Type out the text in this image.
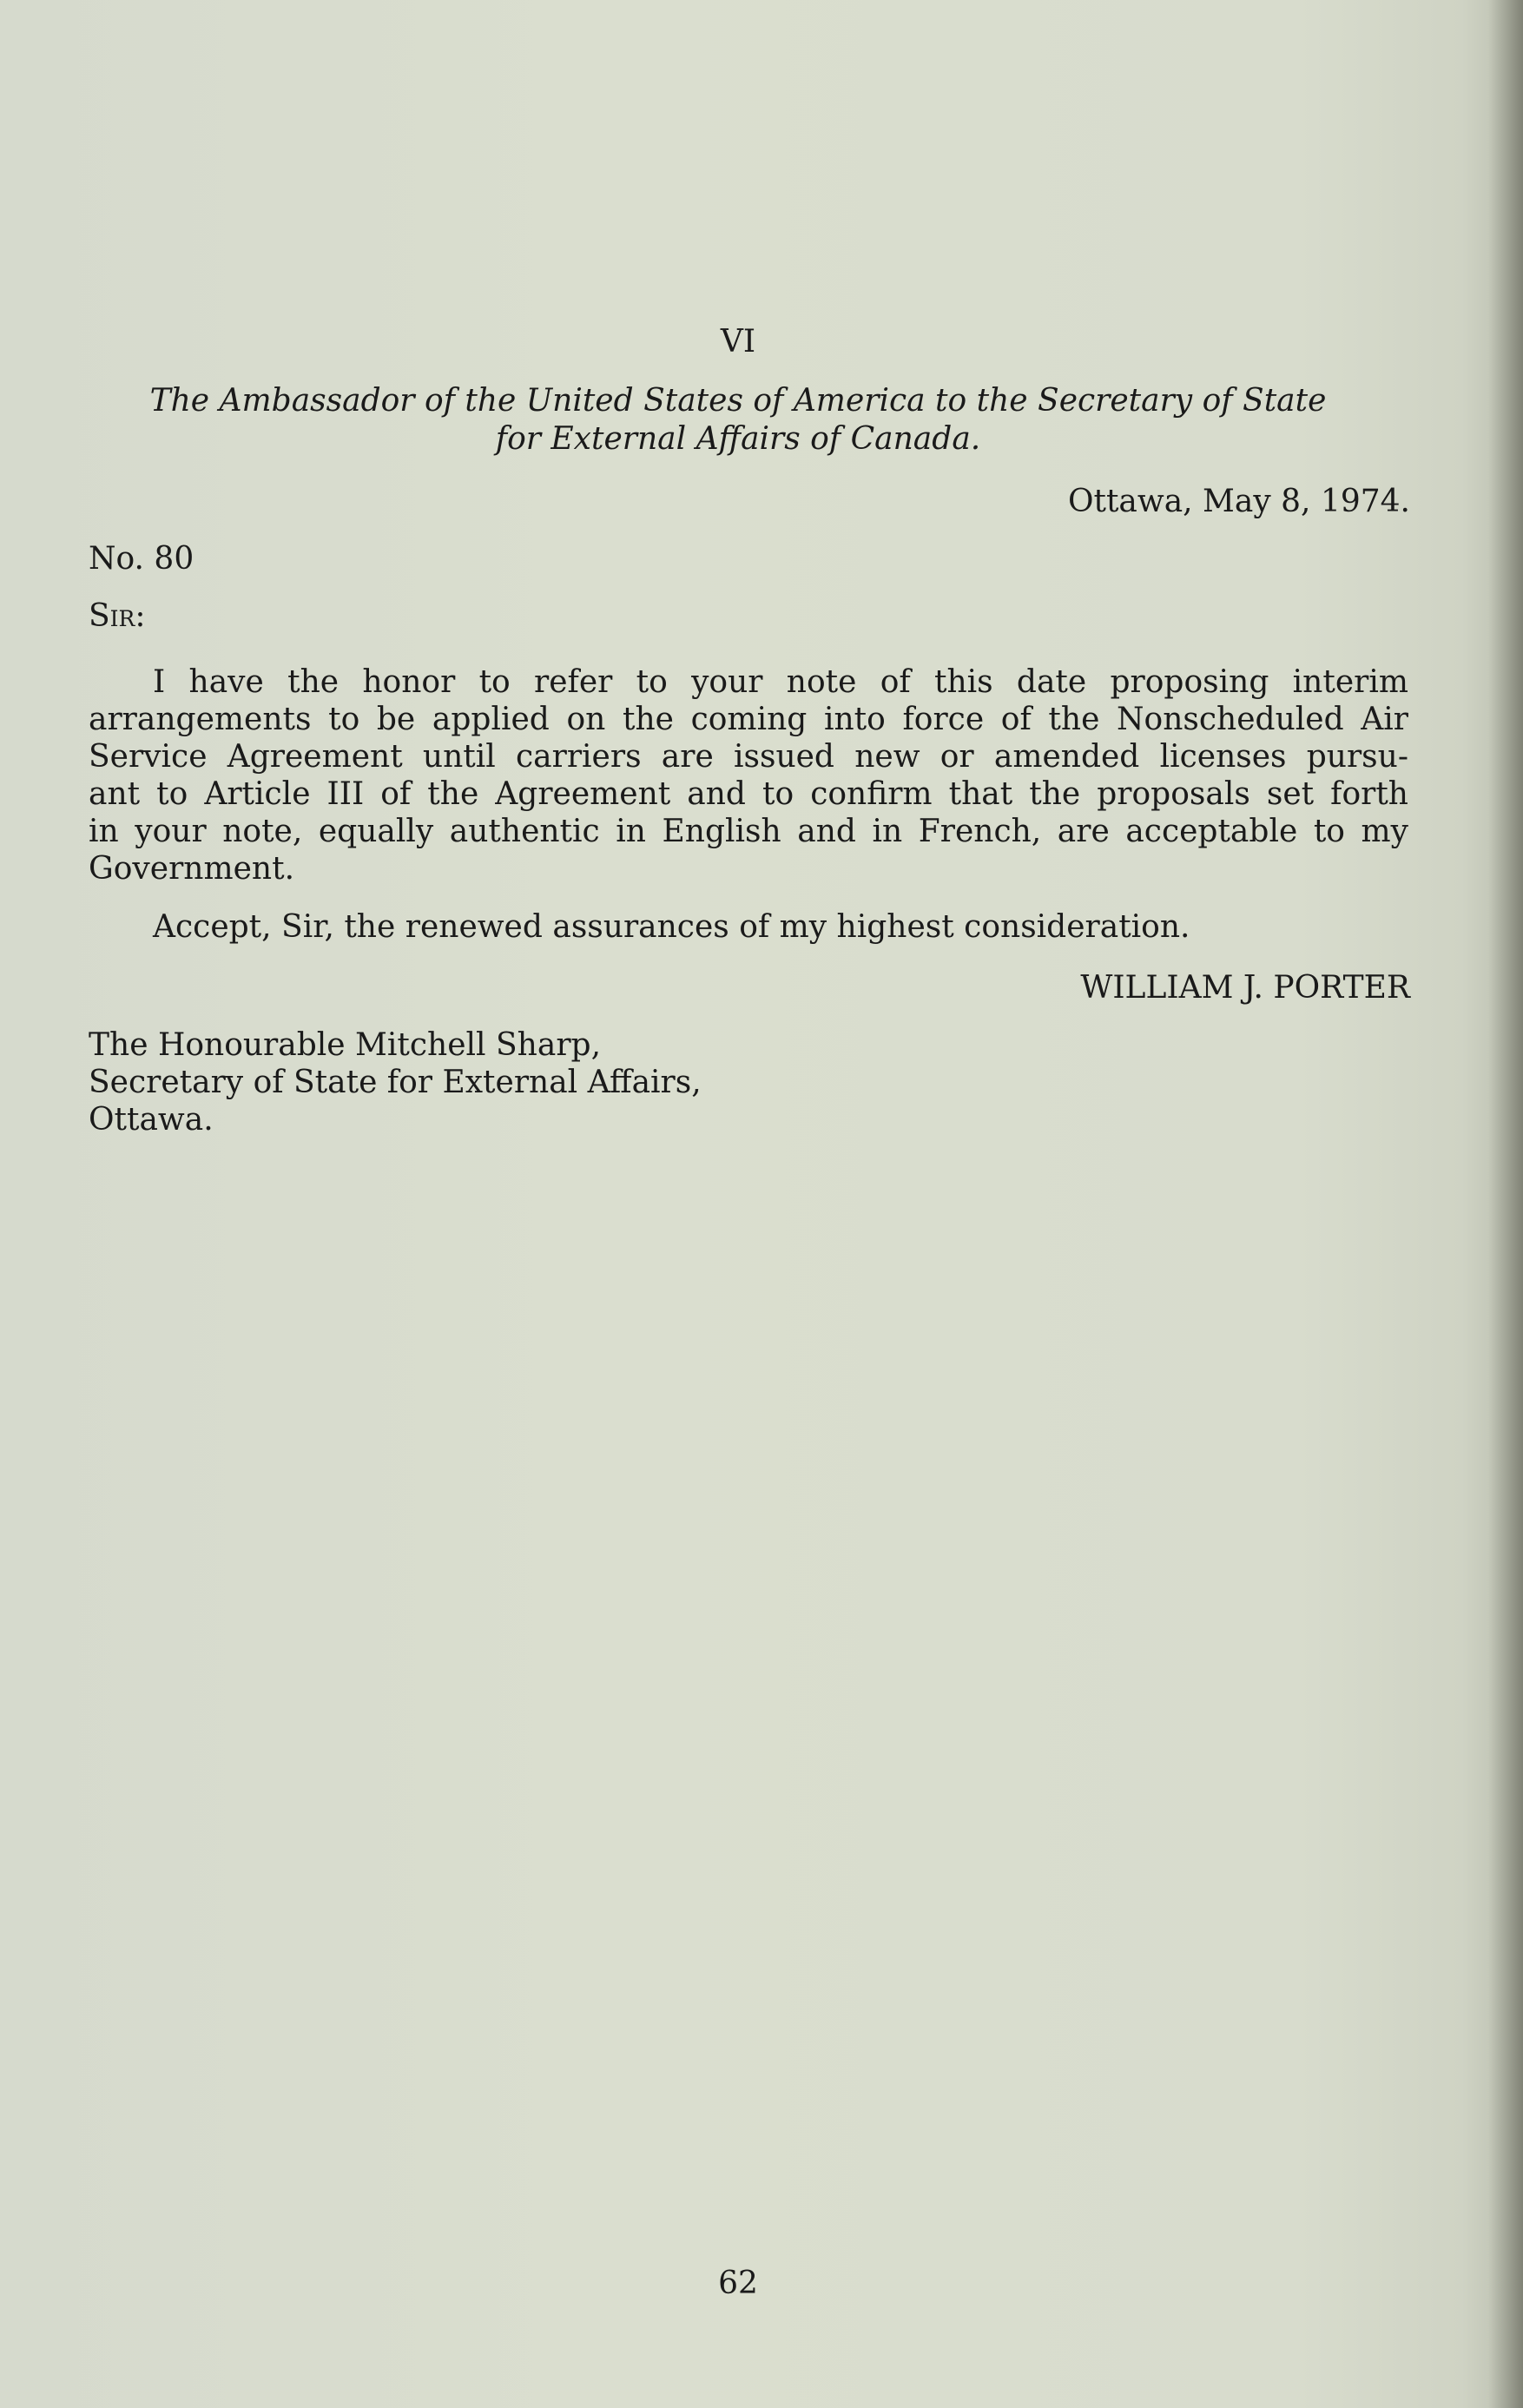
VI
The Ambassador of the United States of America to the Secretary of State
for External Affairs of Canada.
Ottawa, May 8, 1974.
No. 80
Sir:
I have the honor to refer to your note of this date proposing interim
arrangements to be applied on the coming into force of the Nonscheduled Air
Service Agreement until carriers are issued new or amended licenses pursu-
ant to Article III of the Agreement and to confirm that the proposals set forth
in your note, equally authentic in English and in French, are acceptable to my
Government.
Accept, Sir, the renewed assurances of my highest consideration.
WILLIAM J. PORTER
The Honourable Mitchell Sharp,
Secretary of State for External Affairs,
Ottawa.
62
